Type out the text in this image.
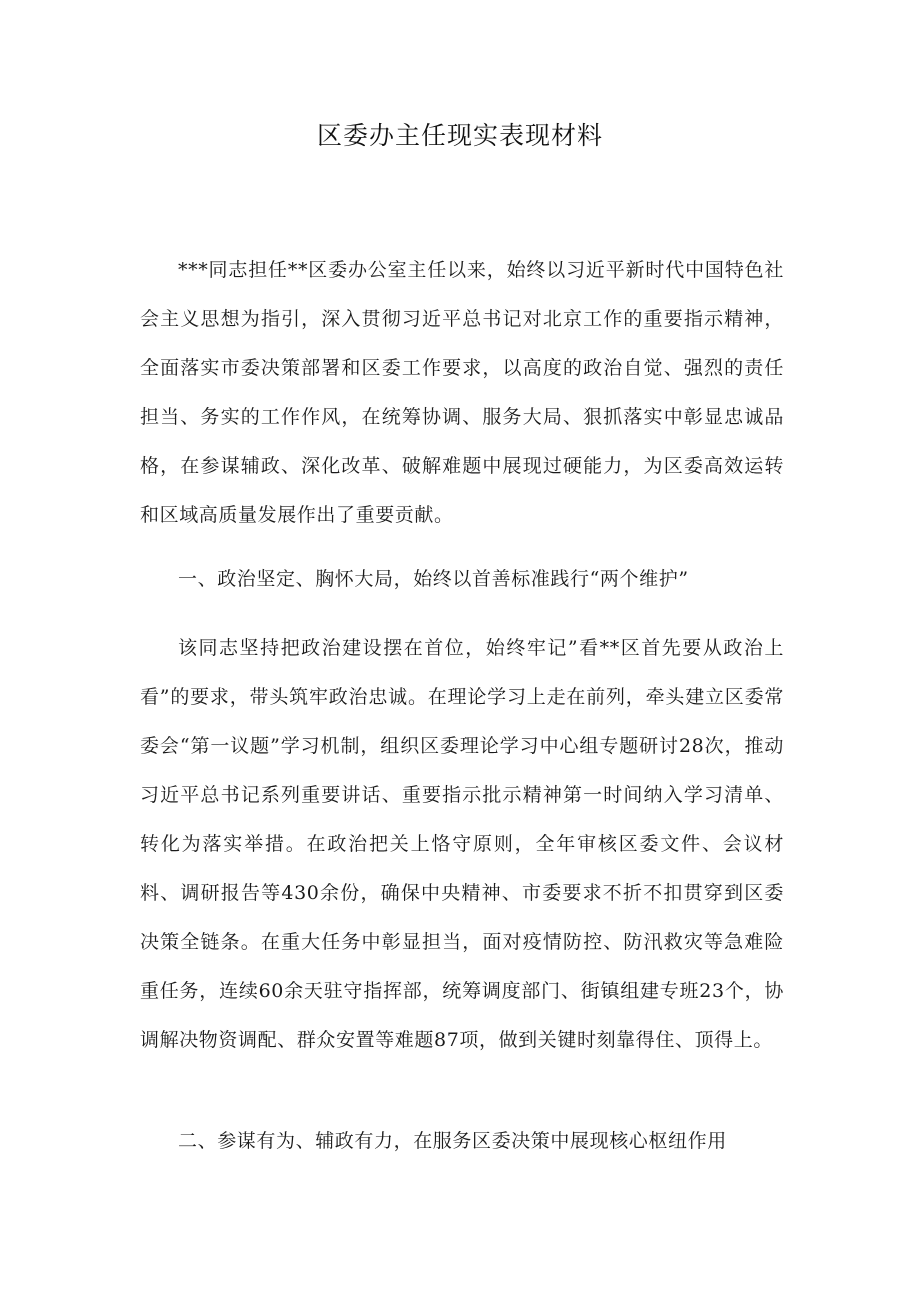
区委办主任现实表现材料

***同志担任**区委办公室主任以来，始终以习近平新时代中国特色社会主义思想为指引，深入贯彻习近平总书记对北京工作的重要指示精神，全面落实市委决策部署和区委工作要求，以高度的政治自觉、强烈的责任担当、务实的工作作风，在统筹协调、服务大局、狠抓落实中彰显忠诚品格，在参谋辅政、深化改革、破解难题中展现过硬能力，为区委高效运转和区域高质量发展作出了重要贡献。

一、政治坚定、胸怀大局，始终以首善标准践行“两个维护”

该同志坚持把政治建设摆在首位，始终牢记”看**区首先要从政治上看”的要求，带头筑牢政治忠诚。在理论学习上走在前列，牵头建立区委常委会“第一议题”学习机制，组织区委理论学习中心组专题研讨28次，推动习近平总书记系列重要讲话、重要指示批示精神第一时间纳入学习清单、转化为落实举措。在政治把关上恪守原则，全年审核区委文件、会议材料、调研报告等430余份，确保中央精神、市委要求不折不扣贯穿到区委决策全链条。在重大任务中彰显担当，面对疫情防控、防汛救灾等急难险重任务，连续60余天驻守指挥部，统筹调度部门、街镇组建专班23个，协调解决物资调配、群众安置等难题87项，做到关键时刻靠得住、顶得上。

二、参谋有为、辅政有力，在服务区委决策中展现核心枢纽作用
